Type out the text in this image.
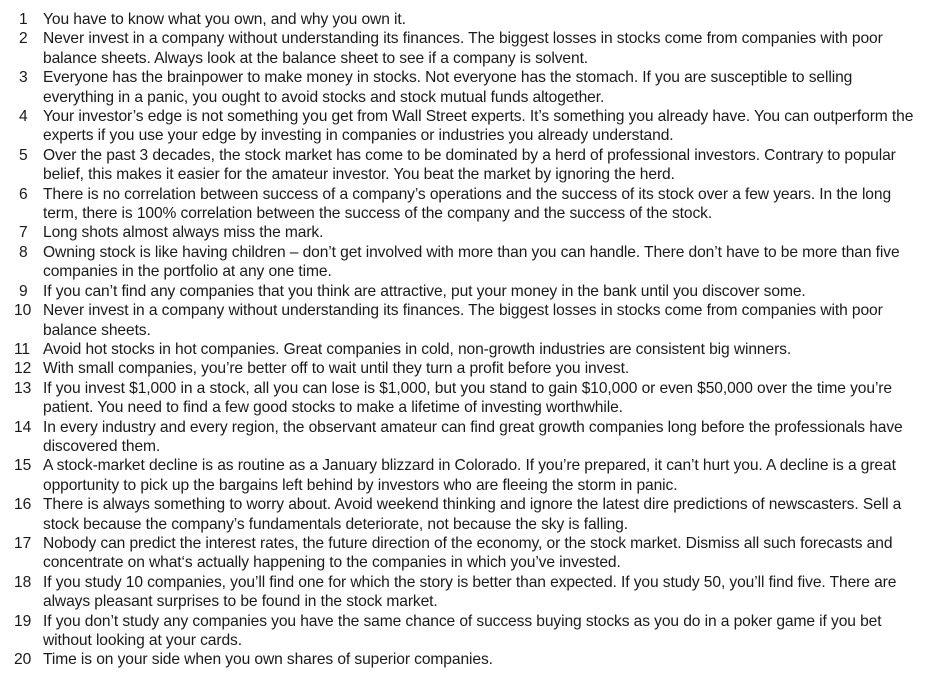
1 You have to know what you own, and why you own it.
2 Never invest in a company without understanding its finances. The biggest losses in stocks come from companies with poor balance sheets. Always look at the balance sheet to see if a company is solvent.
3 Everyone has the brainpower to make money in stocks. Not everyone has the stomach. If you are susceptible to selling everything in a panic, you ought to avoid stocks and stock mutual funds altogether.
4 Your investor’s edge is not something you get from Wall Street experts. It’s something you already have. You can outperform the experts if you use your edge by investing in companies or industries you already understand.
5 Over the past 3 decades, the stock market has come to be dominated by a herd of professional investors. Contrary to popular belief, this makes it easier for the amateur investor. You beat the market by ignoring the herd.
6 There is no correlation between success of a company’s operations and the success of its stock over a few years. In the long term, there is 100% correlation between the success of the company and the success of the stock.
7 Long shots almost always miss the mark.
8 Owning stock is like having children – don’t get involved with more than you can handle. There don’t have to be more than five companies in the portfolio at any one time.
9 If you can’t find any companies that you think are attractive, put your money in the bank until you discover some.
10 Never invest in a company without understanding its finances. The biggest losses in stocks come from companies with poor balance sheets.
11 Avoid hot stocks in hot companies. Great companies in cold, non-growth industries are consistent big winners.
12 With small companies, you’re better off to wait until they turn a profit before you invest.
13 If you invest $1,000 in a stock, all you can lose is $1,000, but you stand to gain $10,000 or even $50,000 over the time you’re patient. You need to find a few good stocks to make a lifetime of investing worthwhile.
14 In every industry and every region, the observant amateur can find great growth companies long before the professionals have discovered them.
15 A stock-market decline is as routine as a January blizzard in Colorado. If you’re prepared, it can’t hurt you. A decline is a great opportunity to pick up the bargains left behind by investors who are fleeing the storm in panic.
16 There is always something to worry about. Avoid weekend thinking and ignore the latest dire predictions of newscasters. Sell a stock because the company’s fundamentals deteriorate, not because the sky is falling.
17 Nobody can predict the interest rates, the future direction of the economy, or the stock market. Dismiss all such forecasts and concentrate on what‘s actually happening to the companies in which you’ve invested.
18 If you study 10 companies, you’ll find one for which the story is better than expected. If you study 50, you’ll find five. There are always pleasant surprises to be found in the stock market.
19 If you don’t study any companies you have the same chance of success buying stocks as you do in a poker game if you bet without looking at your cards.
20 Time is on your side when you own shares of superior companies.
